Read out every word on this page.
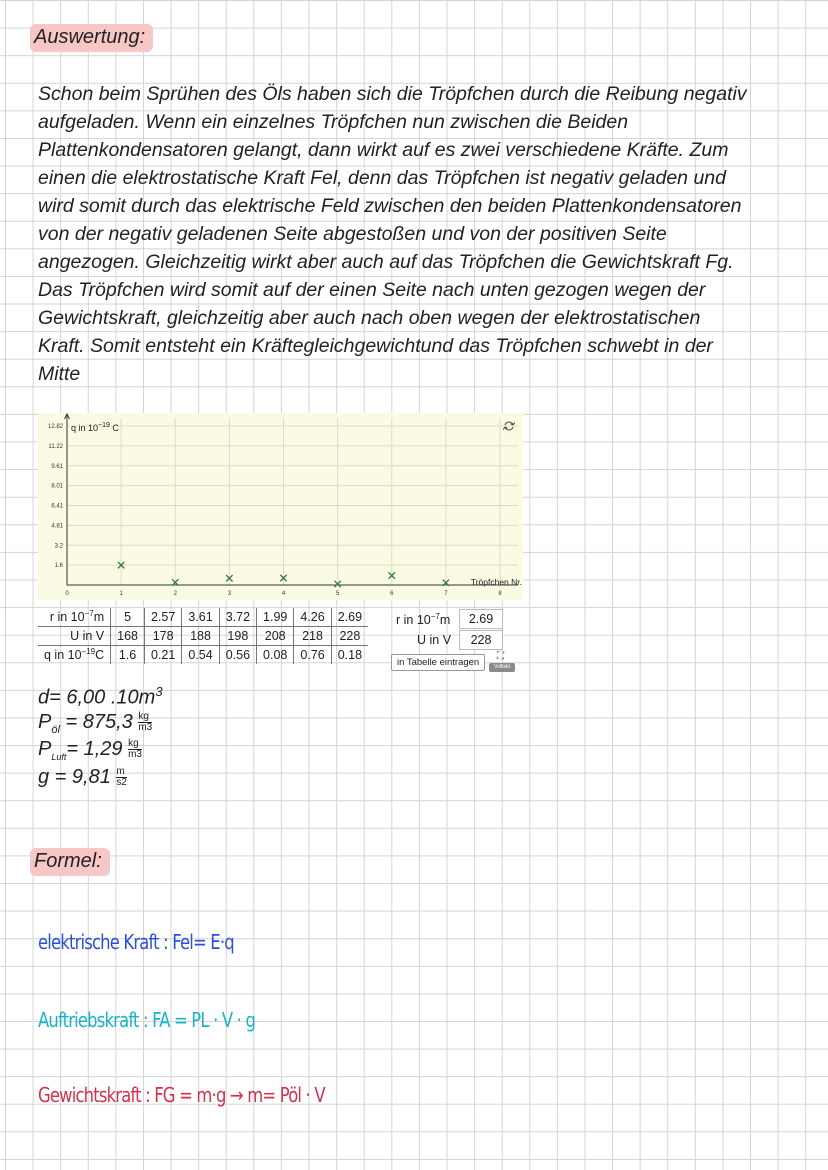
Auswertung:
Schon beim Sprühen des Öls haben sich die Tröpfchen durch die Reibung negativ
aufgeladen. Wenn ein einzelnes Tröpfchen nun zwischen die Beiden
Plattenkondensatoren gelangt, dann wirkt auf es zwei verschiedene Kräfte. Zum
einen die elektrostatische Kraft Fel, denn das Tröpfchen ist negativ geladen und
wird somit durch das elektrische Feld zwischen den beiden Plattenkondensatoren
von der negativ geladenen Seite abgestoßen und von der positiven Seite
angezogen. Gleichzeitig wirkt aber auch auf das Tröpfchen die Gewichtskraft Fg.
Das Tröpfchen wird somit auf der einen Seite nach unten gezogen wegen der
Gewichtskraft, gleichzeitig aber auch nach oben wegen der elektrostatischen
Kraft. Somit entsteht ein Kräftegleichgewichtund das Tröpfchen schwebt in der
Mitte
0	1	2	3	4	5	6	7	8
12.82
11.22
9.61
8.01
6.41
4.81
3.2
1.6
q in $10^{-19}$ C
Tröpfchen Nr.
r in $10^{-7}m$	5	2.57	3.61	3.72	1.99	4.26	2.69
U in V	168	178	188	198	208	218	228
q in $10^{-19}C$	1.6	0.21	0.54	0.56	0.08	0.76	0.18
r in $10^{-7}m$	2.69
U in V	228
in Tabelle eintragen
⛶
Vollbild
d= 6,00 $.10m^3$
$P_{öl} = 875,3 \frac{kg}{m3}$
$P_{Luft}= 1,29 \frac{kg}{m3}$
$g = 9,81 \frac{m}{s2}$
Formel:
elektrische Kraft : Fel= E·q
Auftriebskraft : FA = PL · V · g
Gewichtskraft : FG = m·g → m= Pöl · V
